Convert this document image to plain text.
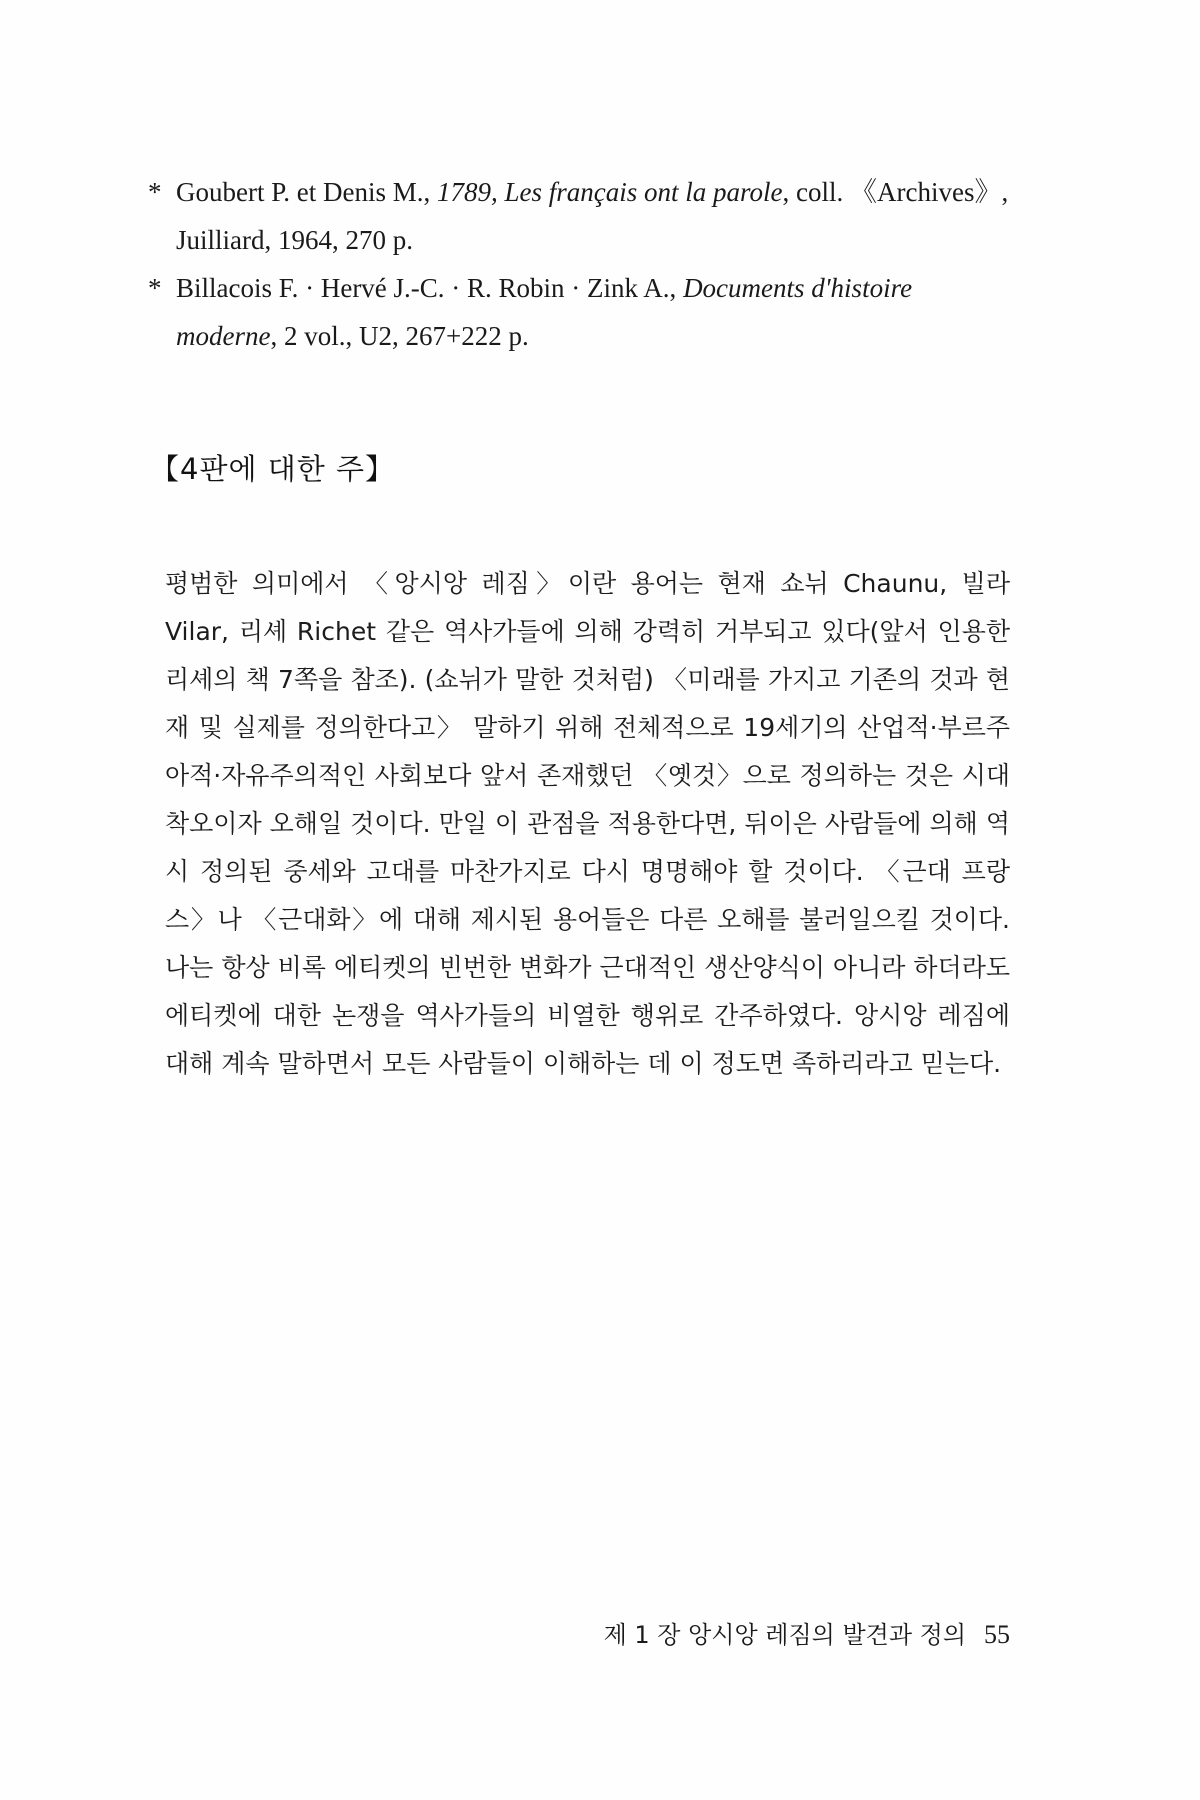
* Goubert P. et Denis M., 1789, Les français ont la parole, coll. 《Archives》, Juilliard, 1964, 270 p.
* Billacois F. · Hervé J.-C. · R. Robin · Zink A., Documents d'histoire moderne, 2 vol., U2, 267+222 p.
【4판에 대한 주】

평범한 의미에서 〈앙시앙 레짐〉이란 용어는 현재 쇼뉘 Chaunu, 빌라 Vilar, 리셰 Richet 같은 역사가들에 의해 강력히 거부되고 있다(앞서 인용한 리셰의 책 7쪽을 참조). (쇼뉘가 말한 것처럼) 〈미래를 가지고 기존의 것과 현재 및 실제를 정의한다고〉 말하기 위해 전체적으로 19세기의 산업적·부르주아적·자유주의적인 사회보다 앞서 존재했던 〈옛것〉으로 정의하는 것은 시대착오이자 오해일 것이다. 만일 이 관점을 적용한다면, 뒤이은 사람들에 의해 역시 정의된 중세와 고대를 마찬가지로 다시 명명해야 할 것이다. 〈근대 프랑스〉나 〈근대화〉에 대해 제시된 용어들은 다른 오해를 불러일으킬 것이다. 나는 항상 비록 에티켓의 빈번한 변화가 근대적인 생산양식이 아니라 하더라도 에티켓에 대한 논쟁을 역사가들의 비열한 행위로 간주하였다. 앙시앙 레짐에 대해 계속 말하면서 모든 사람들이 이해하는 데 이 정도면 족하리라고 믿는다.

제 1 장 앙시앙 레짐의 발견과 정의 55
